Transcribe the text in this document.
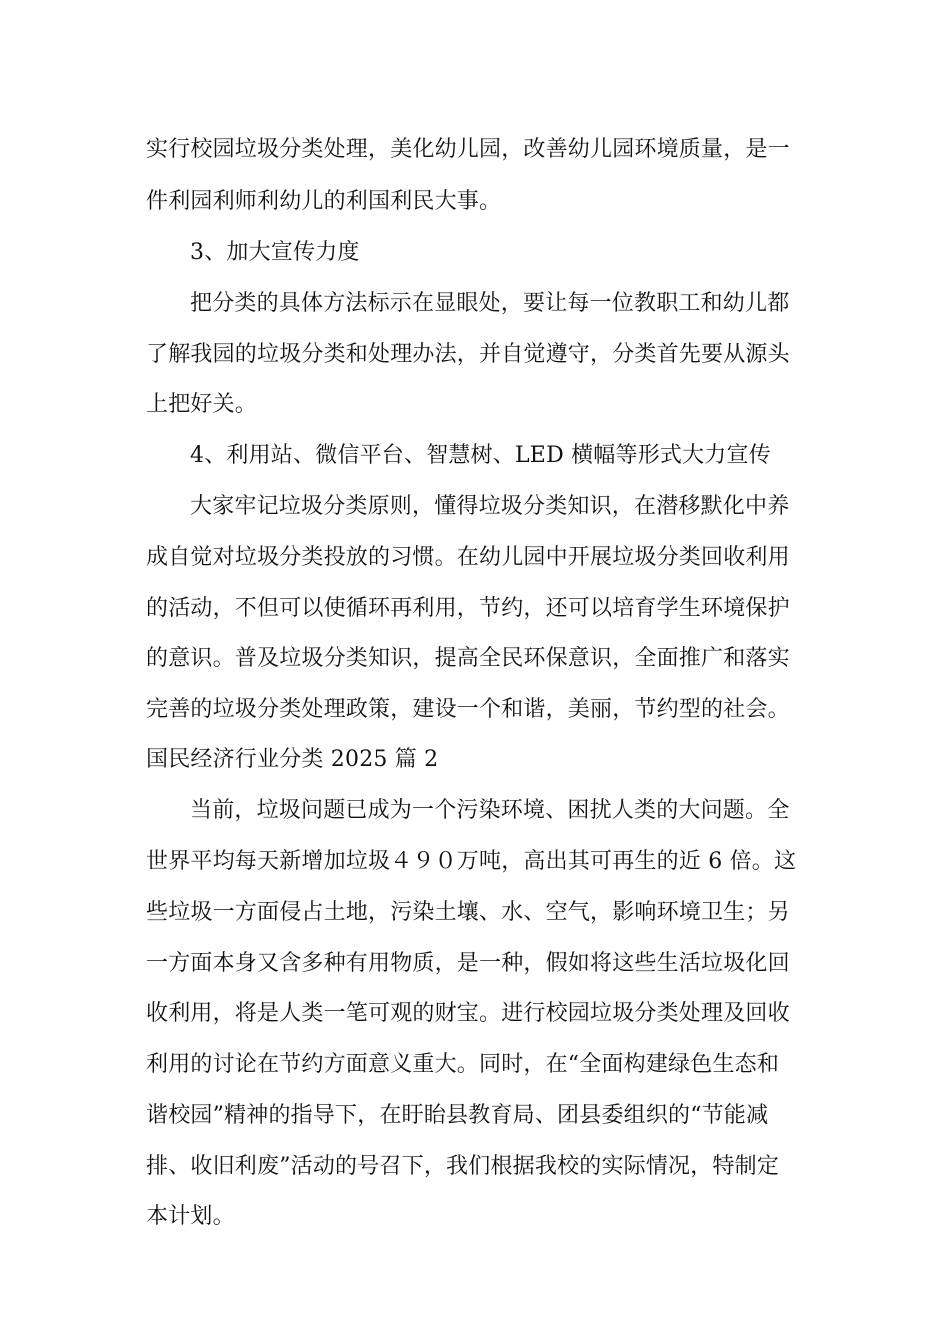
实行校园垃圾分类处理，美化幼儿园，改善幼儿园环境质量，是一
件利园利师利幼儿的利国利民大事。
3、加大宣传力度
把分类的具体方法标示在显眼处，要让每一位教职工和幼儿都
了解我园的垃圾分类和处理办法，并自觉遵守，分类首先要从源头
上把好关。
4、利用站、微信平台、智慧树、LED 横幅等形式大力宣传
大家牢记垃圾分类原则，懂得垃圾分类知识，在潜移默化中养
成自觉对垃圾分类投放的习惯。在幼儿园中开展垃圾分类回收利用
的活动，不但可以使循环再利用，节约，还可以培育学生环境保护
的意识。普及垃圾分类知识，提高全民环保意识，全面推广和落实
完善的垃圾分类处理政策，建设一个和谐，美丽，节约型的社会。
国民经济行业分类 2025 篇 2
当前，垃圾问题已成为一个污染环境、困扰人类的大问题。全
世界平均每天新增加垃圾４９０万吨，高出其可再生的近 6 倍。这
些垃圾一方面侵占土地，污染土壤、水、空气，影响环境卫生；另
一方面本身又含多种有用物质，是一种，假如将这些生活垃圾化回
收利用，将是人类一笔可观的财宝。进行校园垃圾分类处理及回收
利用的讨论在节约方面意义重大。同时，在“全面构建绿色生态和
谐校园”精神的指导下，在盱眙县教育局、团县委组织的“节能减
排、收旧利废”活动的号召下，我们根据我校的实际情况，特制定
本计划。
